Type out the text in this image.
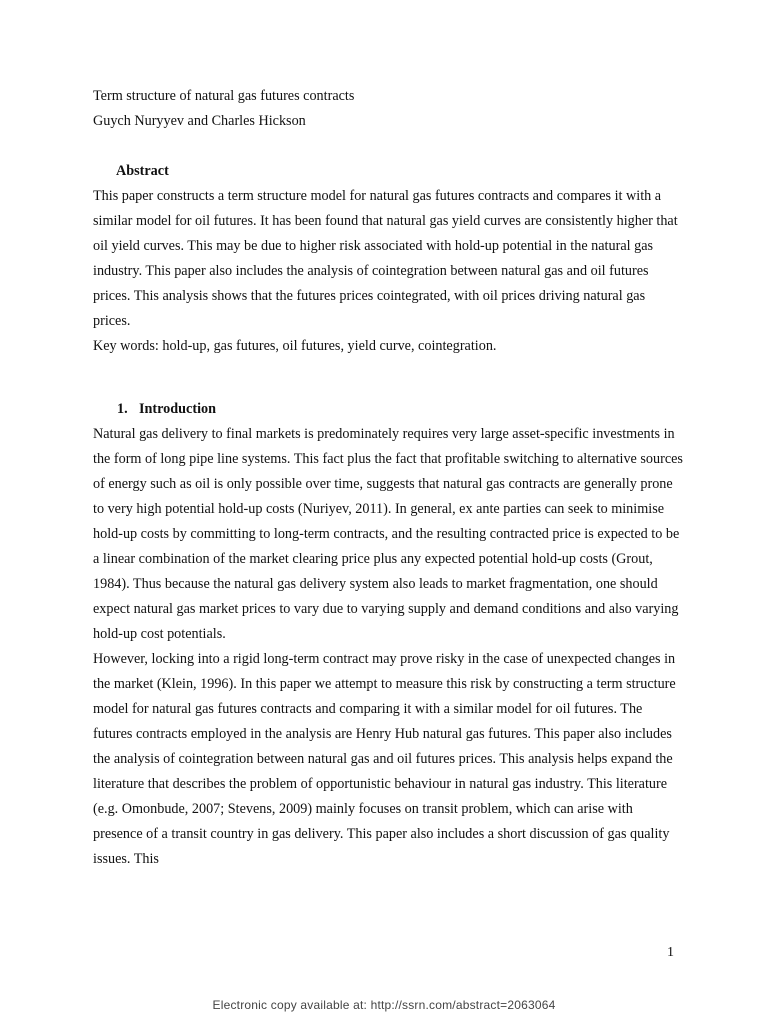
Term structure of natural gas futures contracts

Guych Nuryyev and Charles Hickson

Abstract

This paper constructs a term structure model for natural gas futures contracts and compares it with a similar model for oil futures. It has been found that natural gas yield curves are consistently higher that oil yield curves. This may be due to higher risk associated with hold-up potential in the natural gas industry. This paper also includes the analysis of cointegration between natural gas and oil futures prices. This analysis shows that the futures prices cointegrated, with oil prices driving natural gas prices.

Key words: hold-up, gas futures, oil futures, yield curve, cointegration.

1. Introduction

Natural gas delivery to final markets is predominately requires very large asset-specific investments in the form of long pipe line systems. This fact plus the fact that profitable switching to alternative sources of energy such as oil is only possible over time, suggests that natural gas contracts are generally prone to very high potential hold-up costs (Nuriyev, 2011). In general, ex ante parties can seek to minimise hold-up costs by committing to long-term contracts, and the resulting contracted price is expected to be a linear combination of the market clearing price plus any expected potential hold-up costs (Grout, 1984). Thus because the natural gas delivery system also leads to market fragmentation, one should expect natural gas market prices to vary due to varying supply and demand conditions and also varying hold-up cost potentials.

However, locking into a rigid long-term contract may prove risky in the case of unexpected changes in the market (Klein, 1996). In this paper we attempt to measure this risk by constructing a term structure model for natural gas futures contracts and comparing it with a similar model for oil futures. The futures contracts employed in the analysis are Henry Hub natural gas futures. This paper also includes the analysis of cointegration between natural gas and oil futures prices. This analysis helps expand the literature that describes the problem of opportunistic behaviour in natural gas industry. This literature (e.g. Omonbude, 2007; Stevens, 2009) mainly focuses on transit problem, which can arise with presence of a transit country in gas delivery. This paper also includes a short discussion of gas quality issues. This

1
Electronic copy available at: http://ssrn.com/abstract=2063064
